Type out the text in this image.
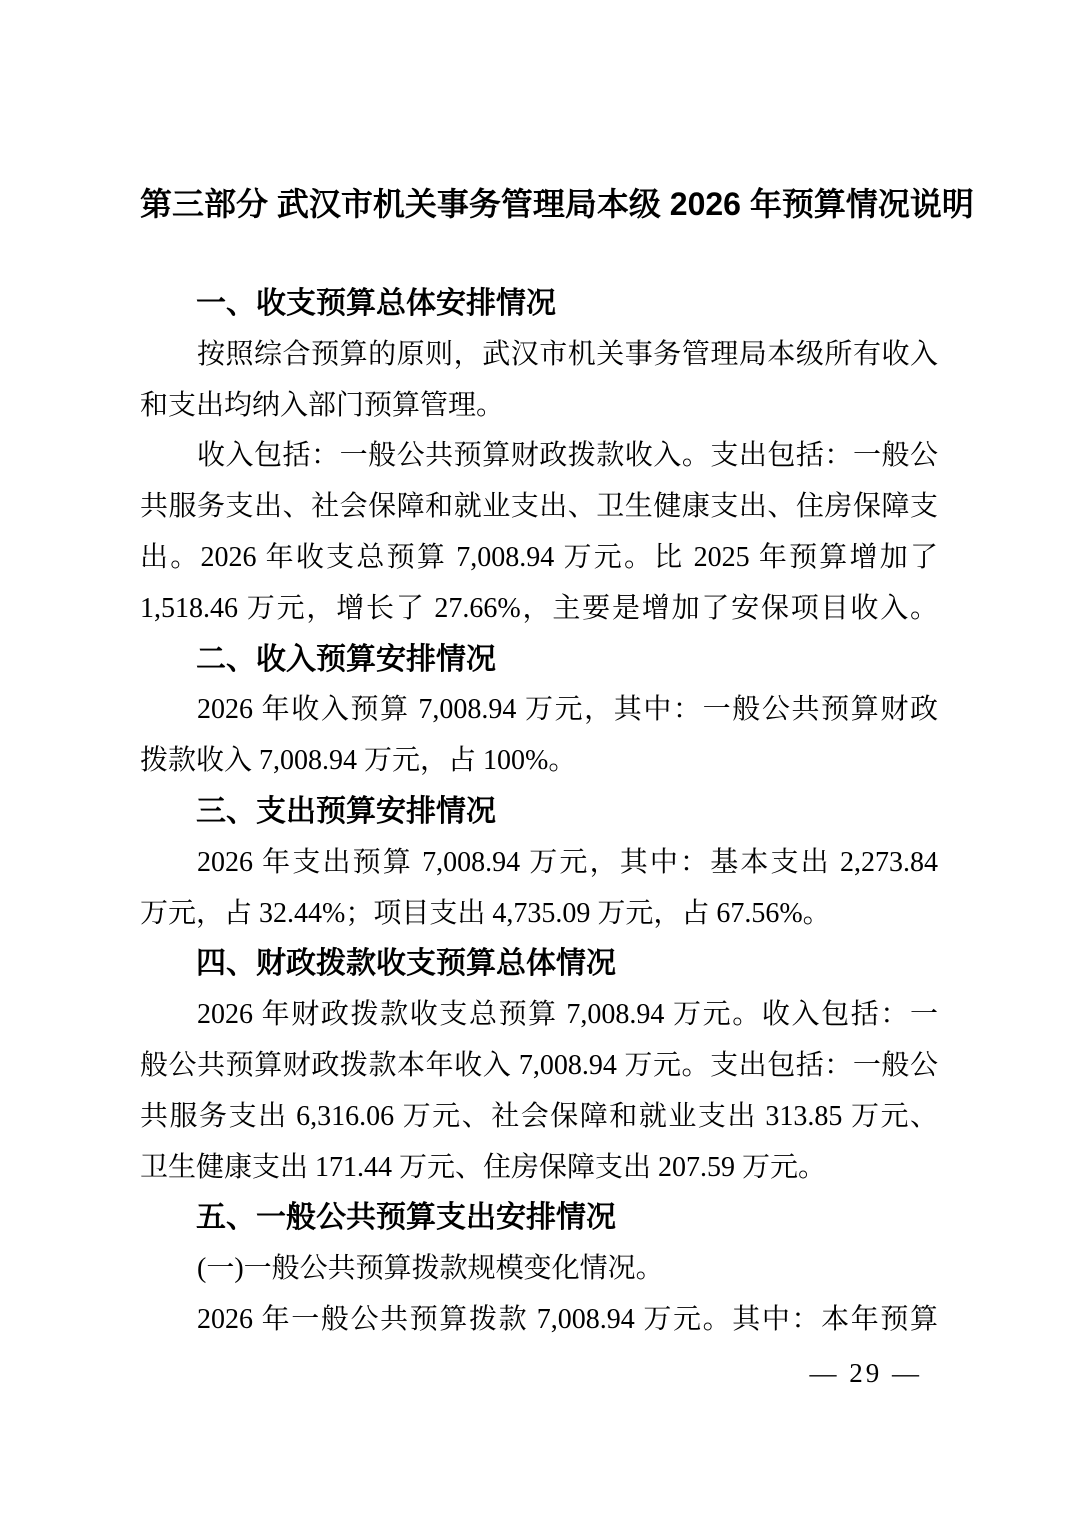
第三部分 武汉市机关事务管理局本级 2026 年预算情况说明
一、收支预算总体安排情况
按照综合预算的原则，武汉市机关事务管理局本级所有收入
和支出均纳入部门预算管理。
收入包括：一般公共预算财政拨款收入。支出包括：一般公
共服务支出、社会保障和就业支出、卫生健康支出、住房保障支
出。2026 年收支总预算 7,008.94 万元。比 2025 年预算增加了
1,518.46 万元，增长了 27.66%，主要是增加了安保项目收入。
二、收入预算安排情况
2026 年收入预算 7,008.94 万元，其中：一般公共预算财政
拨款收入 7,008.94 万元，占 100%。
三、支出预算安排情况
2026 年支出预算 7,008.94 万元，其中：基本支出 2,273.84
万元，占 32.44%；项目支出 4,735.09 万元，占 67.56%。
四、财政拨款收支预算总体情况
2026 年财政拨款收支总预算 7,008.94 万元。收入包括：一
般公共预算财政拨款本年收入 7,008.94 万元。支出包括：一般公
共服务支出 6,316.06 万元、社会保障和就业支出 313.85 万元、
卫生健康支出 171.44 万元、住房保障支出 207.59 万元。
五、一般公共预算支出安排情况
(一)一般公共预算拨款规模变化情况。
2026 年一般公共预算拨款 7,008.94 万元。其中：本年预算
— 29 —
